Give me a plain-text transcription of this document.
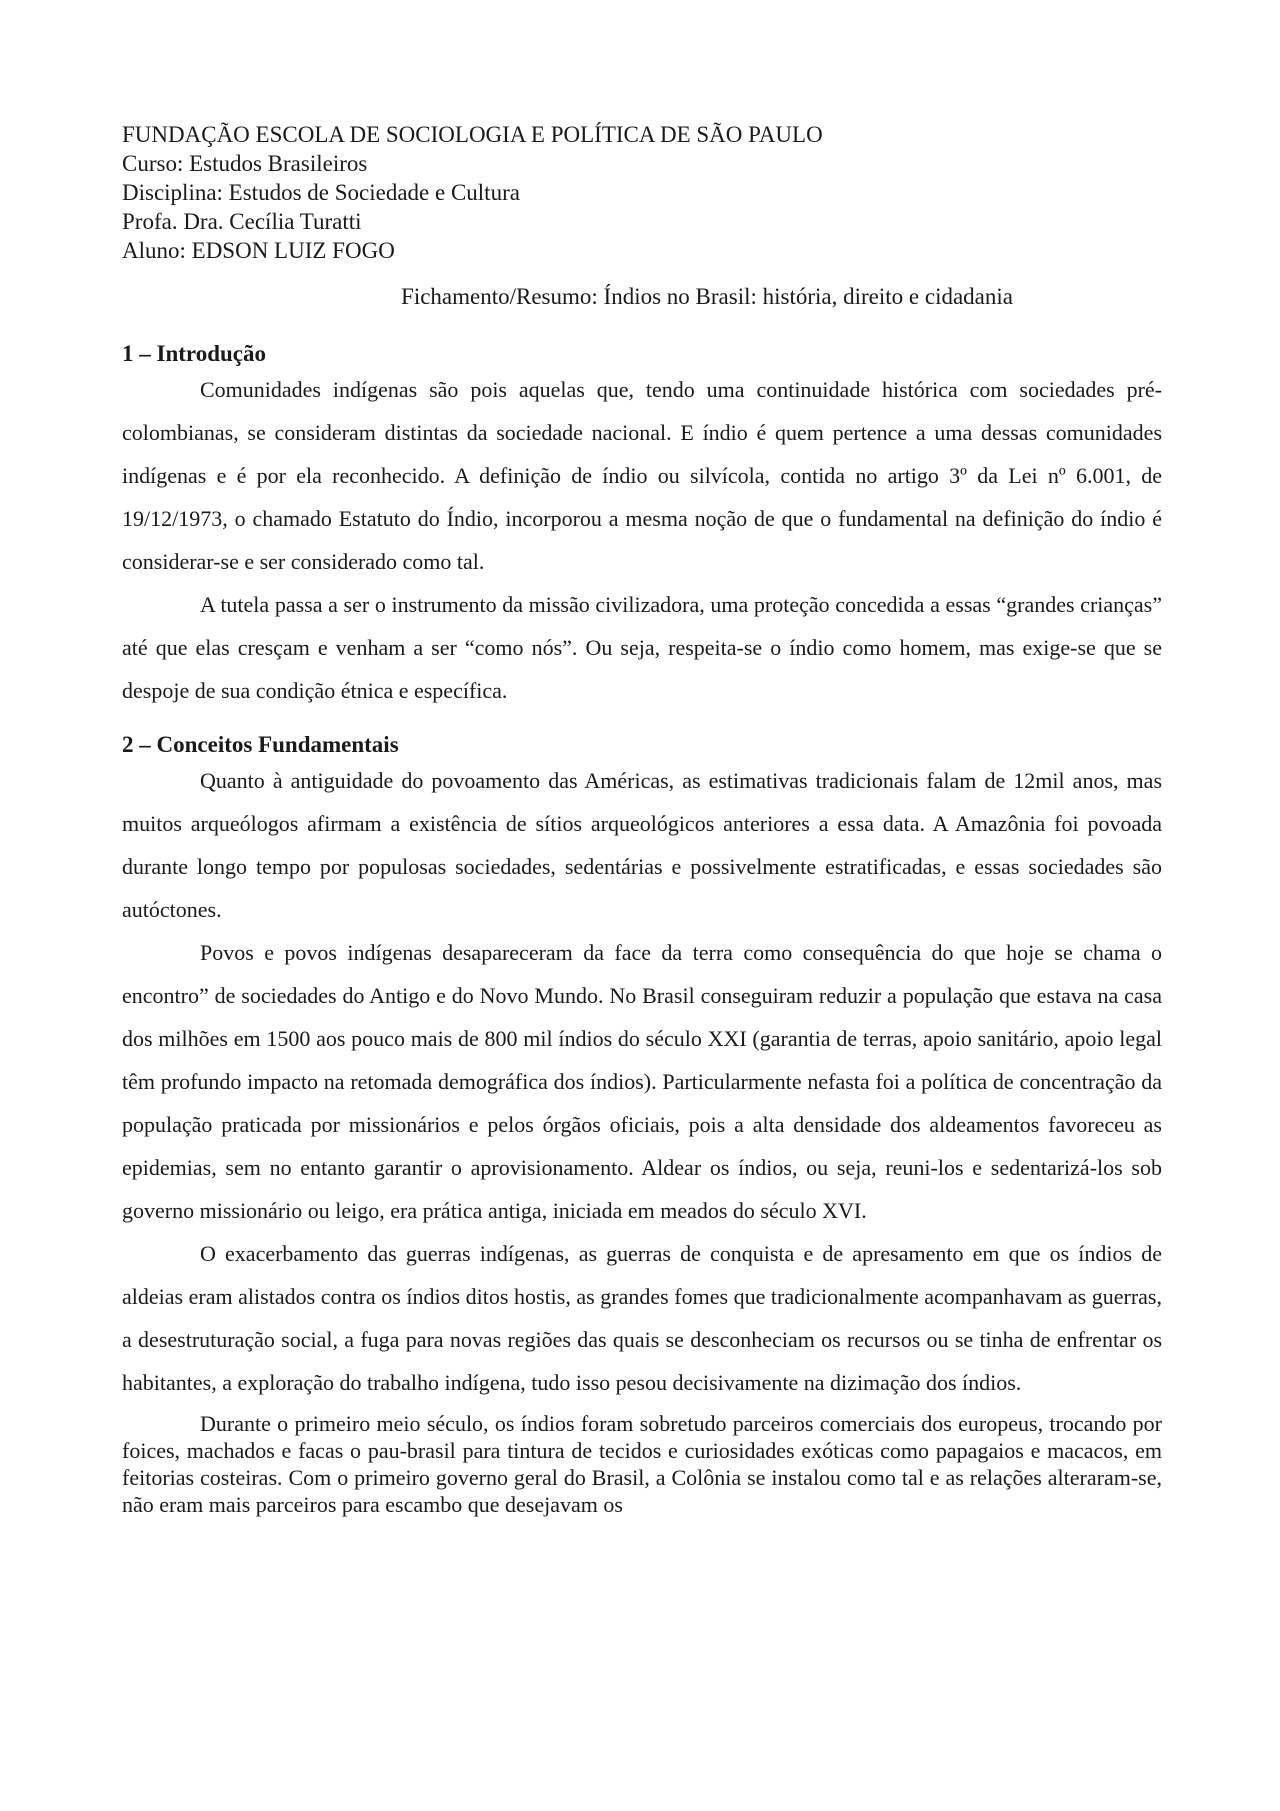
FUNDAÇÃO ESCOLA DE SOCIOLOGIA E POLÍTICA DE SÃO PAULO
Curso: Estudos Brasileiros
Disciplina: Estudos de Sociedade e Cultura
Profa. Dra. Cecília Turatti
Aluno: EDSON LUIZ FOGO
Fichamento/Resumo: Índios no Brasil: história, direito e cidadania
1 – Introdução

Comunidades indígenas são pois aquelas que, tendo uma continuidade histórica com sociedades pré-colombianas, se consideram distintas da sociedade nacional. E índio é quem pertence a uma dessas comunidades indígenas e é por ela reconhecido. A definição de índio ou silvícola, contida no artigo 3º da Lei nº 6.001, de 19/12/1973, o chamado Estatuto do Índio, incorporou a mesma noção de que o fundamental na definição do índio é considerar-se e ser considerado como tal.

A tutela passa a ser o instrumento da missão civilizadora, uma proteção concedida a essas “grandes crianças” até que elas cresçam e venham a ser “como nós”. Ou seja, respeita-se o índio como homem, mas exige-se que se despoje de sua condição étnica e específica.

2 – Conceitos Fundamentais

Quanto à antiguidade do povoamento das Américas, as estimativas tradicionais falam de 12mil anos, mas muitos arqueólogos afirmam a existência de sítios arqueológicos anteriores a essa data. A Amazônia foi povoada durante longo tempo por populosas sociedades, sedentárias e possivelmente estratificadas, e essas sociedades são autóctones.

Povos e povos indígenas desapareceram da face da terra como consequência do que hoje se chama o encontro” de sociedades do Antigo e do Novo Mundo. No Brasil conseguiram reduzir a população que estava na casa dos milhões em 1500 aos pouco mais de 800 mil índios do século XXI (garantia de terras, apoio sanitário, apoio legal têm profundo impacto na retomada demográfica dos índios). Particularmente nefasta foi a política de concentração da população praticada por missionários e pelos órgãos oficiais, pois a alta densidade dos aldeamentos favoreceu as epidemias, sem no entanto garantir o aprovisionamento. Aldear os índios, ou seja, reuni-los e sedentarizá-los sob governo missionário ou leigo, era prática antiga, iniciada em meados do século XVI.

O exacerbamento das guerras indígenas, as guerras de conquista e de apresamento em que os índios de aldeias eram alistados contra os índios ditos hostis, as grandes fomes que tradicionalmente acompanhavam as guerras, a desestruturação social, a fuga para novas regiões das quais se desconheciam os recursos ou se tinha de enfrentar os habitantes, a exploração do trabalho indígena, tudo isso pesou decisivamente na dizimação dos índios.

Durante o primeiro meio século, os índios foram sobretudo parceiros comerciais dos europeus, trocando por foices, machados e facas o pau-brasil para tintura de tecidos e curiosidades exóticas como papagaios e macacos, em feitorias costeiras. Com o primeiro governo geral do Brasil, a Colônia se instalou como tal e as relações alteraram-se, não eram mais parceiros para escambo que desejavam os
